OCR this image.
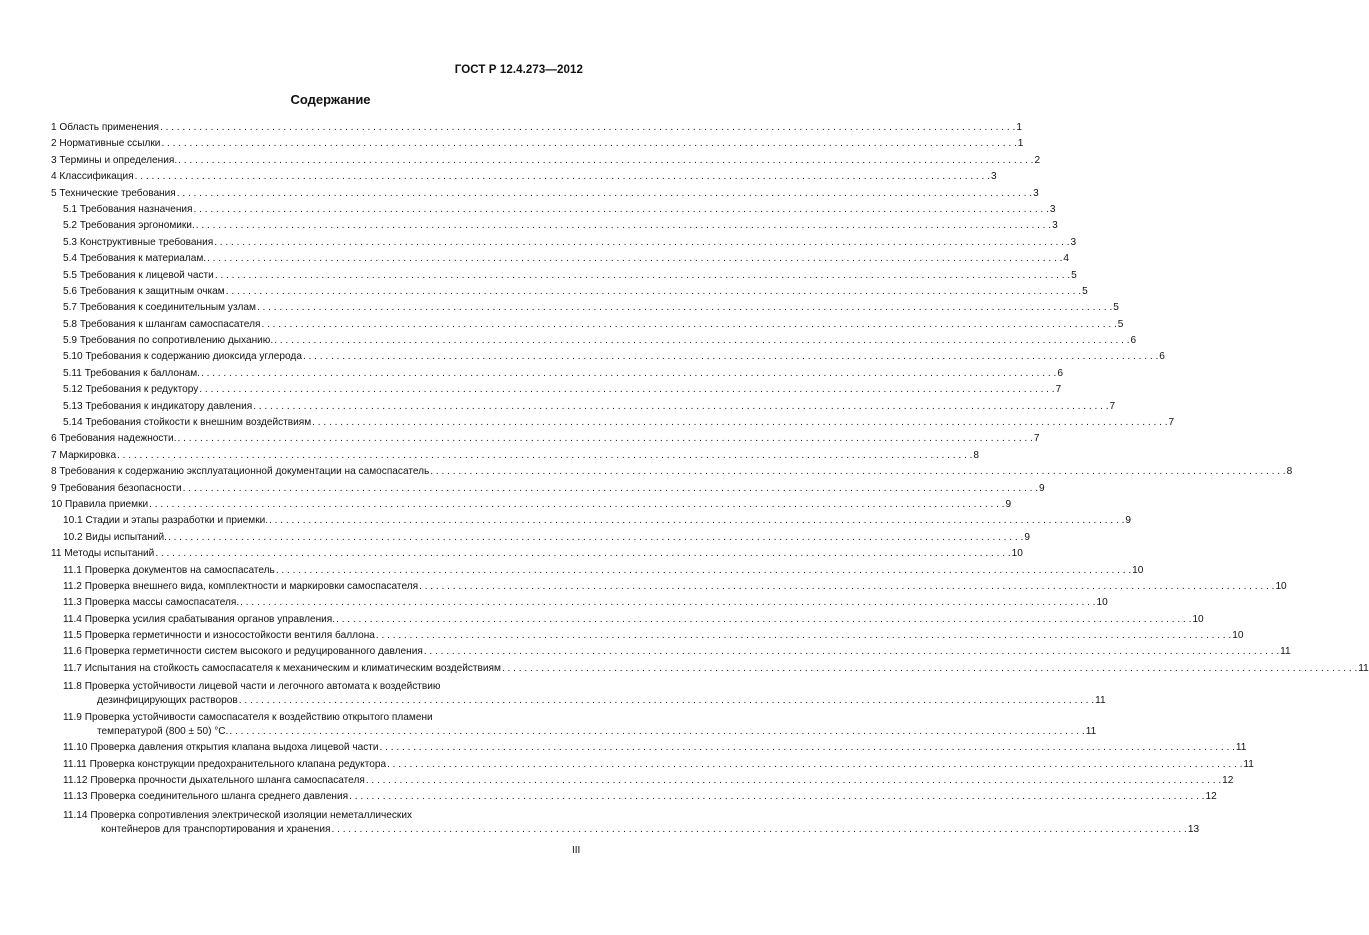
ГОСТ Р 12.4.273—2012
Содержание
1 Область применения . . .	1
2 Нормативные ссылки . . .	1
3 Термины и определения. . . .	2
4 Классификация . . .	3
5 Технические требования . . .	3
5.1 Требования назначения . . .	3
5.2 Требования эргономики. . . .	3
5.3 Конструктивные требования . . .	3
5.4 Требования к материалам. . . .	4
5.5 Требования к лицевой части . . .	5
5.6 Требования к защитным очкам . . .	5
5.7 Требования к соединительным узлам . . .	5
5.8 Требования к шлангам самоспасателя . . .	5
5.9 Требования по сопротивлению дыханию. . . .	6
5.10 Требования к содержанию диоксида углерода . . .	6
5.11 Требования к баллонам. . . .	6
5.12 Требования к редуктору . . .	7
5.13 Требования к индикатору давления . . .	7
5.14 Требования стойкости к внешним воздействиям . . .	7
6 Требования надежности. . . .	7
7 Маркировка . . .	8
8 Требования к содержанию эксплуатационной документации на самоспасатель . . .	8
9 Требования безопасности . . .	9
10 Правила приемки . . .	9
10.1 Стадии и этапы разработки и приемки. . . .	9
10.2 Виды испытаний. . . .	9
11 Методы испытаний . . .	10
11.1 Проверка документов на самоспасатель . . .	10
11.2 Проверка внешнего вида, комплектности и маркировки самоспасателя . . .	10
11.3 Проверка массы самоспасателя. . . .	10
11.4 Проверка усилия срабатывания органов управления. . . .	10
11.5 Проверка герметичности и износостойкости вентиля баллона . . .	10
11.6 Проверка герметичности систем высокого и редуцированного давления . . .	11
11.7 Испытания на стойкость самоспасателя к механическим и климатическим воздействиям . . .	11
11.8 Проверка устойчивости лицевой части и легочного автомата к воздействию
дезинфицирующих растворов . . .	11
11.9 Проверка устойчивости самоспасателя к воздействию открытого пламени
температурой (800 ± 50) °С. . . .	11
11.10 Проверка давления открытия клапана выдоха лицевой части . . .	11
11.11 Проверка конструкции предохранительного клапана редуктора . . .	11
11.12 Проверка прочности дыхательного шланга самоспасателя . . .	12
11.13 Проверка соединительного шланга среднего давления . . .	12
11.14 Проверка сопротивления электрической изоляции неметаллических
контейнеров для транспортирования и хранения . . .	13
III
